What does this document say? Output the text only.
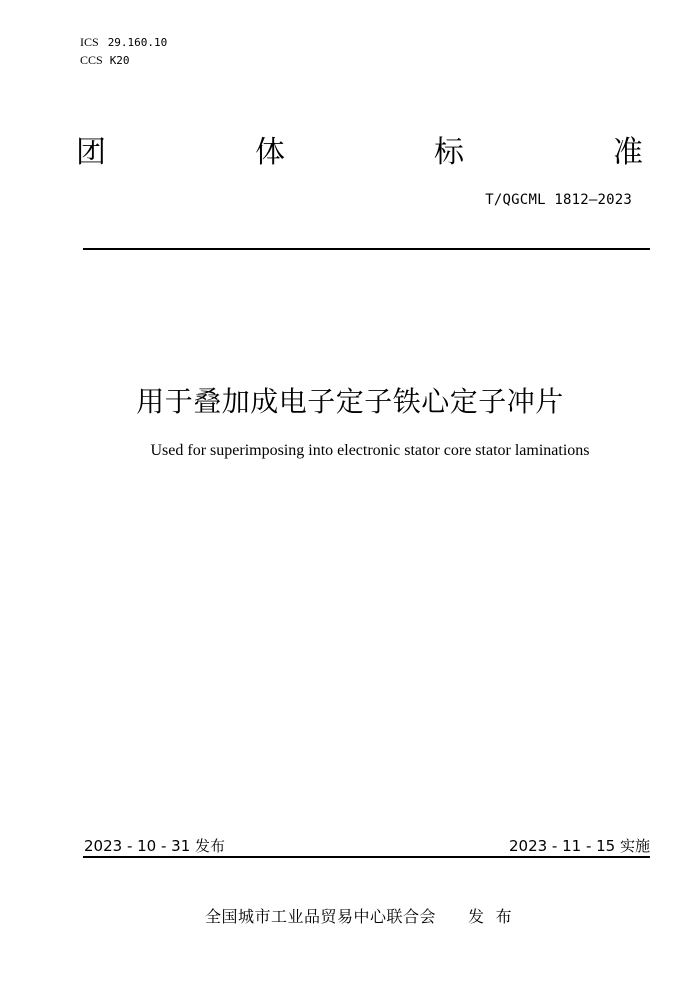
ICS 29.160.10
CCS K20
团	体	标	准
T/QGCML 1812—2023
用于叠加成电子定子铁心定子冲片
Used for superimposing into electronic stator core stator laminations
2023 - 10 - 31 发布	2023 - 11 - 15 实施
全国城市工业品贸易中心联合会 发  布
